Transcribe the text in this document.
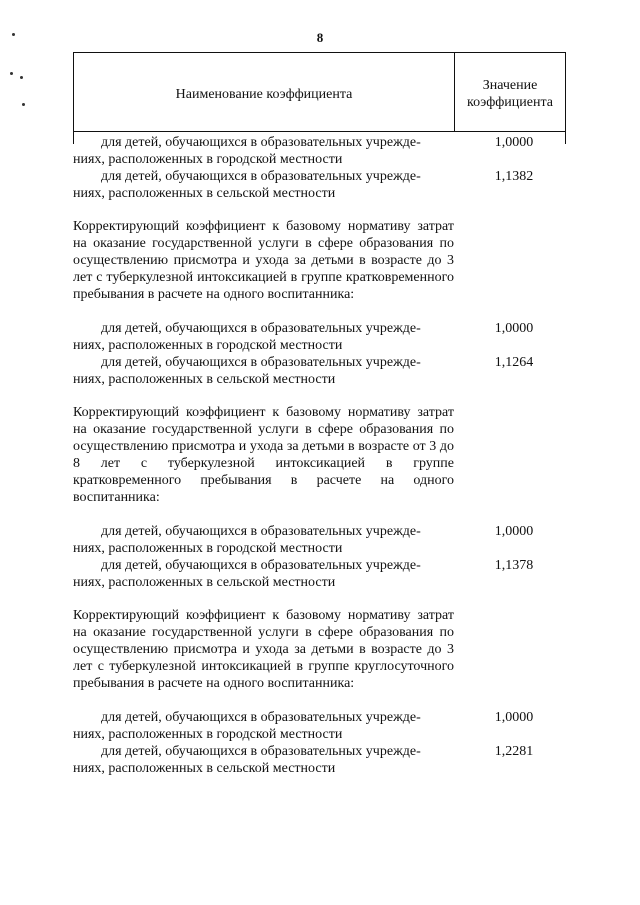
8
Наименование коэффициента
Значение коэффициента
для детей, обучающихся в образовательных учрежде-
ниях, расположенных в городской местности
1,0000
для детей, обучающихся в образовательных учрежде-
ниях, расположенных в сельской местности
1,1382
Корректирующий коэффициент к базовому нормативу затрат на оказание государственной услуги в сфере образования по осуществлению присмотра и ухода за детьми в возрасте до 3 лет с туберкулезной интоксикацией в группе кратковременного пребывания в расчете на одного воспитанника:
для детей, обучающихся в образовательных учрежде-
ниях, расположенных в городской местности
1,0000
для детей, обучающихся в образовательных учрежде-
ниях, расположенных в сельской местности
1,1264
Корректирующий коэффициент к базовому нормативу затрат на оказание государственной услуги в сфере образования по осуществлению присмотра и ухода за детьми в возрасте от 3 до 8 лет с туберкулезной интоксикацией в группе кратковременного пребывания в расчете на одного воспитанника:
для детей, обучающихся в образовательных учрежде-
ниях, расположенных в городской местности
1,0000
для детей, обучающихся в образовательных учрежде-
ниях, расположенных в сельской местности
1,1378
Корректирующий коэффициент к базовому нормативу затрат на оказание государственной услуги в сфере образования по осуществлению присмотра и ухода за детьми в возрасте до 3 лет с туберкулезной интоксикацией в группе круглосуточного пребывания в расчете на одного воспитанника:
для детей, обучающихся в образовательных учрежде-
ниях, расположенных в городской местности
1,0000
для детей, обучающихся в образовательных учрежде-
ниях, расположенных в сельской местности
1,2281
